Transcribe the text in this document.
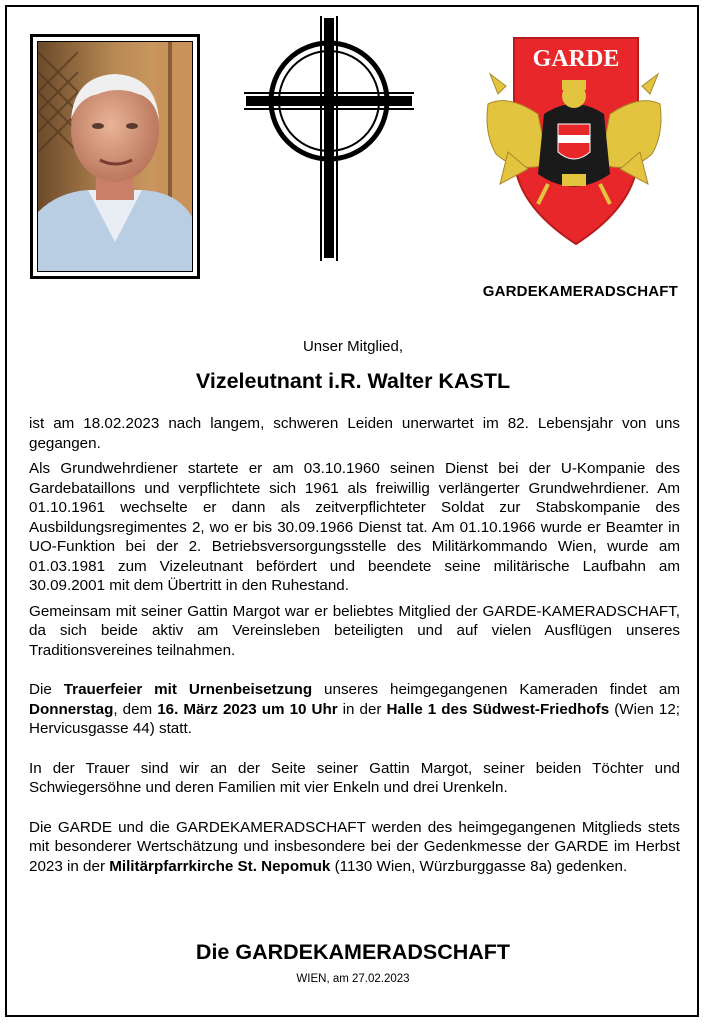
GARDE
GARDEKAMERADSCHAFT
Unser Mitglied,
Vizeleutnant i.R. Walter KASTL

ist am 18.02.2023 nach langem, schweren Leiden unerwartet im 82. Lebensjahr von uns gegangen.

Als Grundwehrdiener startete er am 03.10.1960 seinen Dienst bei der U-Kompanie des Gardebataillons und verpflichtete sich 1961 als freiwillig verlängerter Grundwehrdiener. Am 01.10.1961 wechselte er dann als zeitverpflichteter Soldat zur Stabskompanie des Ausbildungsregimentes 2, wo er bis 30.09.1966 Dienst tat. Am 01.10.1966 wurde er Beamter in UO-Funktion bei der 2. Betriebsversorgungsstelle des Militärkommando Wien, wurde am 01.03.1981 zum Vizeleutnant befördert und beendete seine militärische Laufbahn am 30.09.2001 mit dem Übertritt in den Ruhestand.

Gemeinsam mit seiner Gattin Margot war er beliebtes Mitglied der GARDE-KAMERADSCHAFT, da sich beide aktiv am Vereinsleben beteiligten und auf vielen Ausflügen unseres Traditionsvereines teilnahmen.

Die Trauerfeier mit Urnenbeisetzung unseres heimgegangenen Kameraden findet am Donnerstag, dem 16. März 2023 um 10 Uhr in der Halle 1 des Südwest-Friedhofs (Wien 12; Hervicusgasse 44) statt.

In der Trauer sind wir an der Seite seiner Gattin Margot, seiner beiden Töchter und Schwiegersöhne und deren Familien mit vier Enkeln und drei Urenkeln.

Die GARDE und die GARDEKAMERADSCHAFT werden des heimgegangenen Mitglieds stets mit besonderer Wertschätzung und insbesondere bei der Gedenkmesse der GARDE im Herbst 2023 in der Militärpfarrkirche St. Nepomuk (1130 Wien, Würzburggasse 8a) gedenken.

Die GARDEKAMERADSCHAFT
WIEN, am 27.02.2023
